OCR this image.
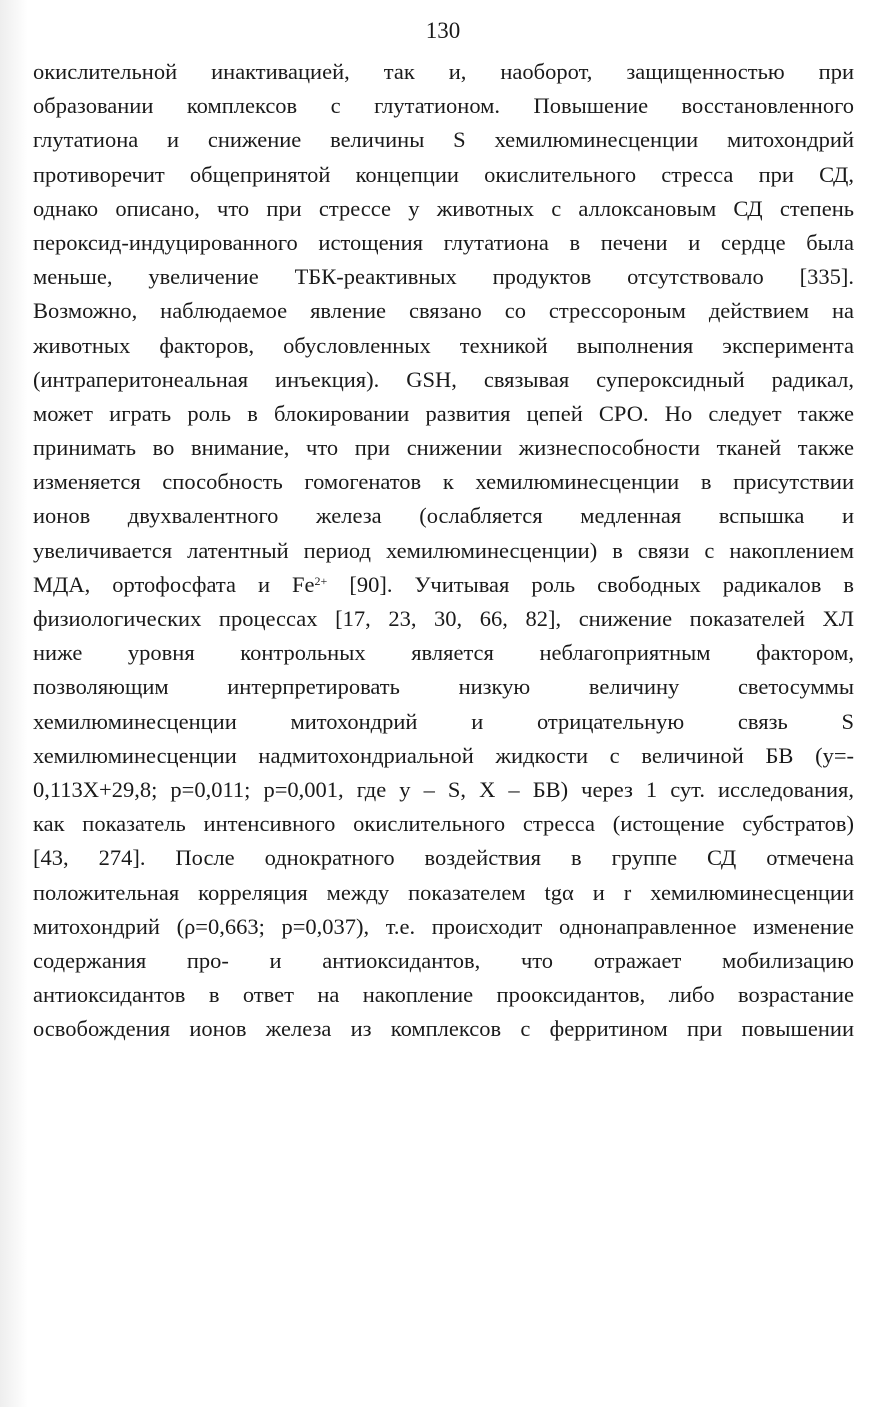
130
окислительной инактивацией, так и, наоборот, защищенностью при
образовании комплексов с глутатионом. Повышение восстановленного
глутатиона и снижение величины S хемилюминесценции митохондрий
противоречит общепринятой концепции окислительного стресса при СД,
однако описано, что при стрессе у животных с аллоксановым СД степень
пероксид-индуцированного истощения глутатиона в печени и сердце была
меньше, увеличение ТБК-реактивных продуктов отсутствовало [335].
Возможно, наблюдаемое явление связано со стрессороным действием на
животных факторов, обусловленных техникой выполнения эксперимента
(интраперитонеальная инъекция). GSH, связывая супероксидный радикал,
может играть роль в блокировании развития цепей СРО. Но следует также
принимать во внимание, что при снижении жизнеспособности тканей также
изменяется способность гомогенатов к хемилюминесценции в присутствии
ионов двухвалентного железа (ослабляется медленная вспышка и
увеличивается латентный период хемилюминесценции) в связи с накоплением
МДА, ортофосфата и $Fe^{2+}$ [90]. Учитывая роль свободных радикалов в
физиологических процессах [17, 23, 30, 66, 82], снижение показателей ХЛ
ниже уровня контрольных является неблагоприятным фактором,
позволяющим интерпретировать низкую величину светосуммы
хемилюминесценции митохондрий и отрицательную связь S
хемилюминесценции надмитохондриальной жидкости с величиной БВ (у=-
0,113Х+29,8; p=0,011; p=0,001, где у – S, Х – БВ) через 1 сут. исследования,
как показатель интенсивного окислительного стресса (истощение субстратов)
[43, 274]. После однократного воздействия в группе СД отмечена
положительная корреляция между показателем tgα и r хемилюминесценции
митохондрий (ρ=0,663; p=0,037), т.е. происходит однонаправленное изменение
содержания про- и антиоксидантов, что отражает мобилизацию
антиоксидантов в ответ на накопление прооксидантов, либо возрастание
освобождения ионов железа из комплексов с ферритином при повышении
